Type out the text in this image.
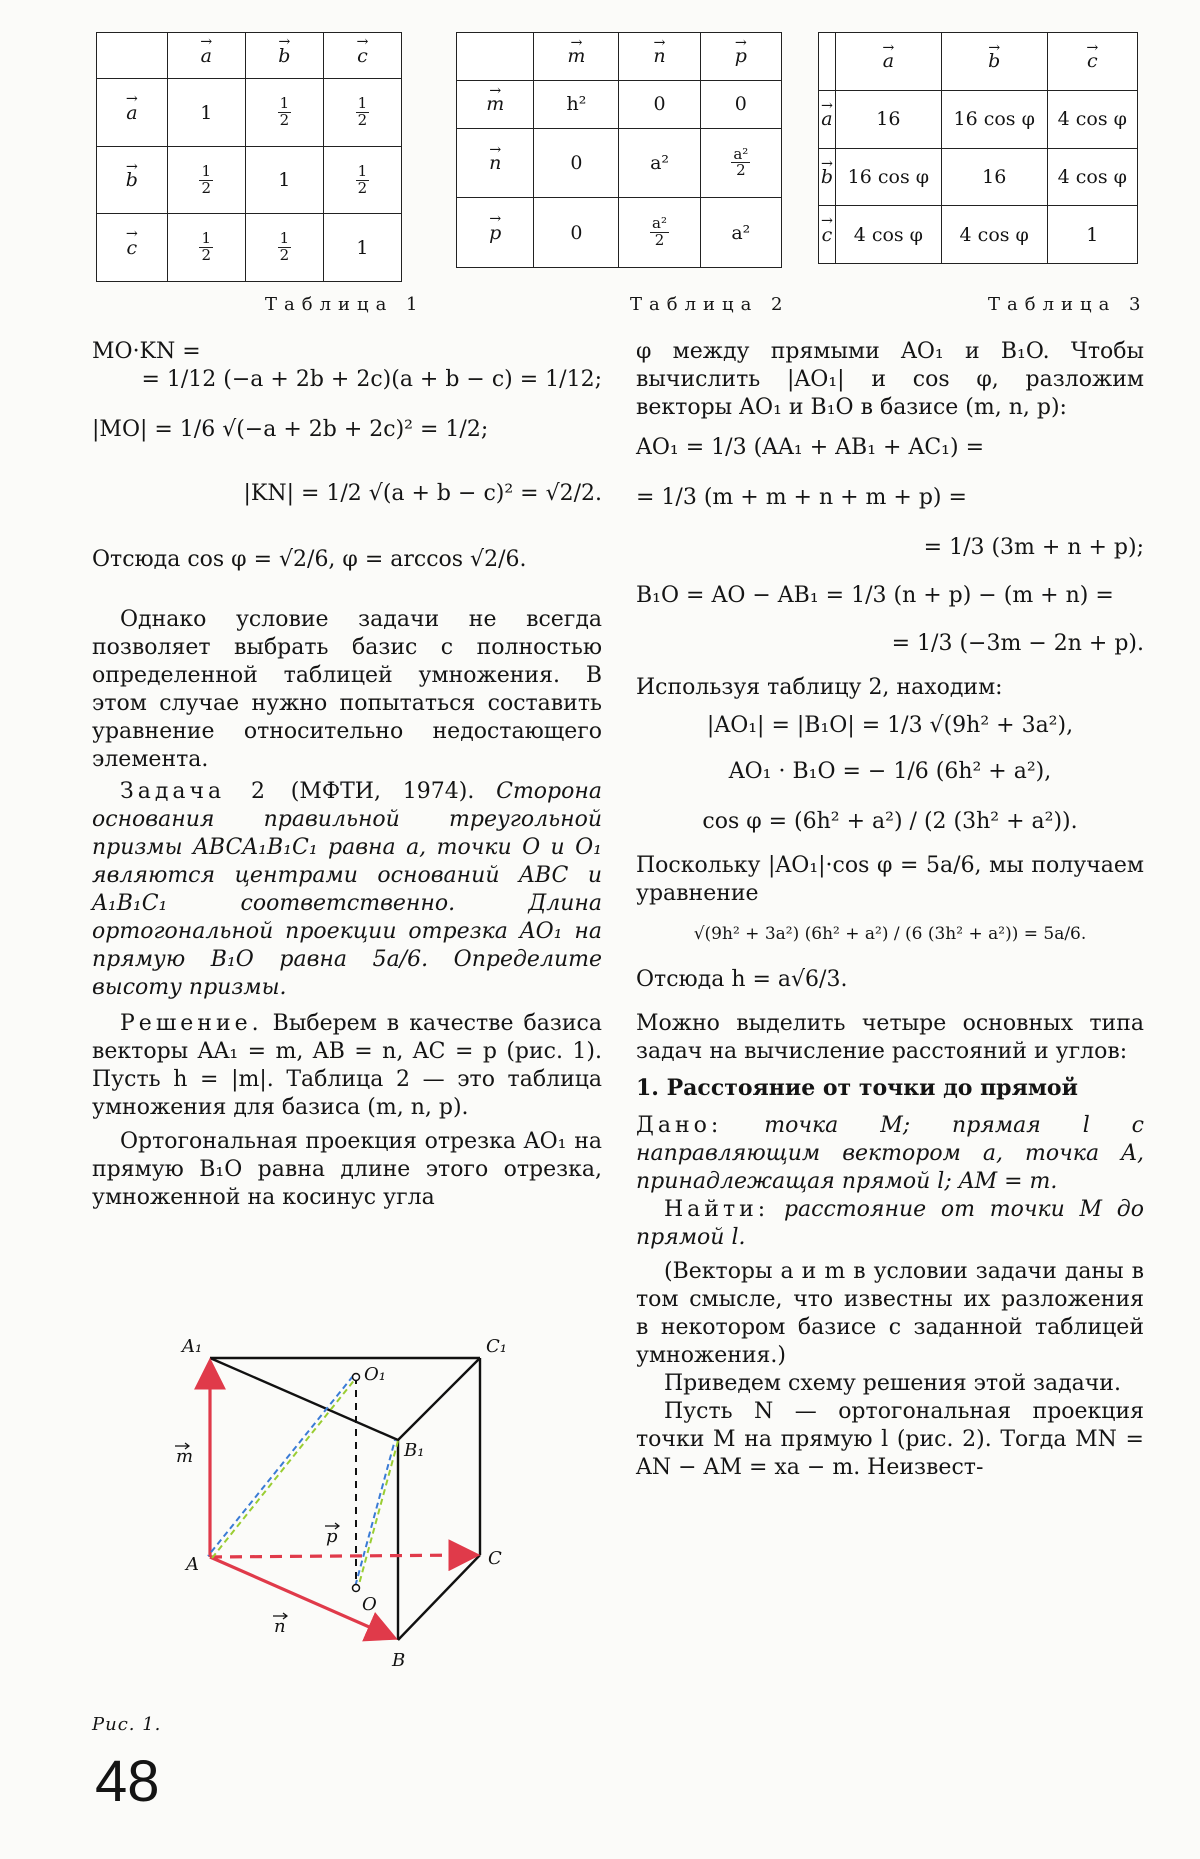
	→ a	→ b	→ c
→ a	1	$\frac{1}{2}$	$\frac{1}{2}$

→ b	$\frac{1}{2}$	1	$\frac{1}{2}$

→ c	$\frac{1}{2}$	$\frac{1}{2}$	1
	→ m	→ n	→ p
→ m	h²	0	0
→ n	0	a²	$\frac{\text{a²}}{2}$

→ p	0	$\frac{\text{a²}}{2}$	a²
	→ a	→ b	→ c
→ a	16	16 cos φ	4 cos φ
→ b	16 cos φ	16	4 cos φ
→ c	4 cos φ	4 cos φ	1
Таблица 1	Таблица 2	Таблица 3

MO·KN =

= 1/12 (−a + 2b + 2c)(a + b − c) = 1/12;

|MO| = 1/6 √(−a + 2b + 2c)² = 1/2;

|KN| = 1/2 √(a + b − c)² = √2/2.

Отсюда cos φ = √2/6, φ = arccos √2/6.

Однако условие задачи не всегда позволяет выбрать базис с полностью определенной таблицей умножения. В этом случае нужно попытаться составить уравнение относительно недостающего элемента.

Задача 2 (МФТИ, 1974). Сторона основания правильной треугольной призмы ABCA₁B₁C₁ равна a, точки O и O₁ являются центрами оснований ABC и A₁B₁C₁ соответственно. Длина ортогональной проекции отрезка AO₁ на прямую B₁O равна 5a/6. Определите высоту призмы.

Решение. Выберем в качестве базиса векторы AA₁ = m, AB = n, AC = p (рис. 1). Пусть h = |m|. Таблица 2 — это таблица умножения для базиса (m, n, p).

Ортогональная проекция отрезка AO₁ на прямую B₁O равна длине этого отрезка, умноженной на косинус угла

φ между прямыми AO₁ и B₁O. Чтобы вычислить |AO₁| и cos φ, разложим векторы AO₁ и B₁O в базисе (m, n, p):

AO₁ = 1/3 (AA₁ + AB₁ + AC₁) =

= 1/3 (m + m + n + m + p) =

= 1/3 (3m + n + p);

B₁O = AO − AB₁ = 1/3 (n + p) − (m + n) =

= 1/3 (−3m − 2n + p).

Используя таблицу 2, находим:

|AO₁| = |B₁O| = 1/3 √(9h² + 3a²),

AO₁ · B₁O = − 1/6 (6h² + a²),

cos φ = (6h² + a²) / (2 (3h² + a²)).

Поскольку |AO₁|·cos φ = 5a/6, мы получаем уравнение

√(9h² + 3a²) (6h² + a²) / (6 (3h² + a²)) = 5a/6.

Отсюда h = a√6/3.

Можно выделить четыре основных типа задач на вычисление расстояний и углов:

1. Расстояние от точки до прямой

Дано: точка M; прямая l с направляющим вектором a, точка A, принадлежащая прямой l; AM = m.

Найти: расстояние от точки M до прямой l.

(Векторы a и m в условии задачи даны в том смысле, что известны их разложения в некотором базисе с заданной таблицей умножения.)

Приведем схему решения этой задачи.

Пусть N — ортогональная проекция точки M на прямую l (рис. 2). Тогда MN = AN − AM = xa − m. Неизвест-

A₁	C₁
O₁
B₁
A	C
O
B
m
p
n
Рис. 1.
48
